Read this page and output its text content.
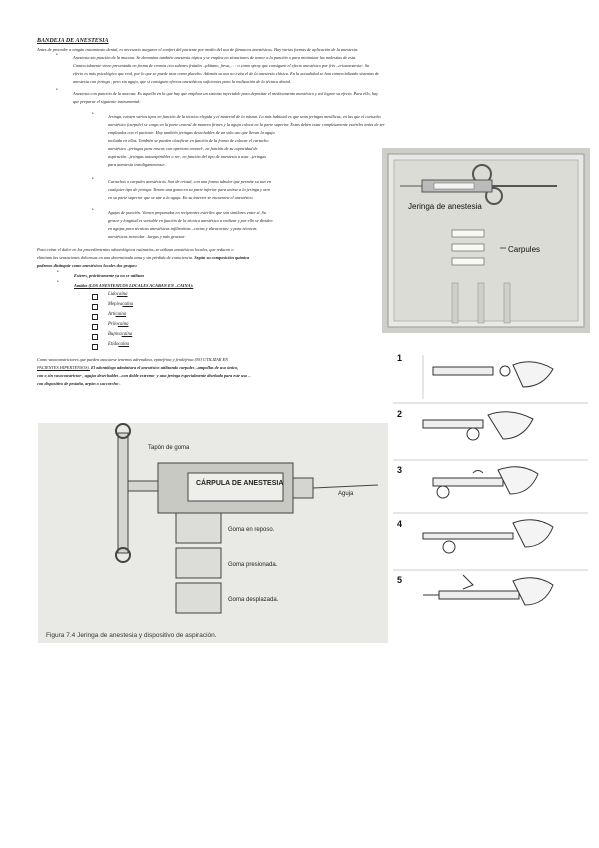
BANDEJA DE ANESTESIA
Antes de proceder a ningún tratamiento dental, es necesario asegurar el confort del paciente por medio del uso de fármacos anestésicos. Hay varias formas de aplicación de la anestesia:
•	Anestesia sin punción de la mucosa. Se denomina también anestesia tópica y se emplea en situaciones de temor a la punción o para minimizar las molestias de esta.
Comercialmente viene presentada en forma de cremas con sabores frutales –plátano, fresa,… - o como spray que consiguen el efecto anestésico por frío –crioanestesia-. Su
efecto es más psicológico que real, por lo que se puede usar como placebo. Además su uso no evita el de la anestesia clásica. En la actualidad se han comercializado sistemas de
anestesia con jeringa , pero sin aguja, que sí consiguen efectos anestésicos suficientes para la realización de la técnica dental.
•
Anestesia con punción de la mucosa. Es aquella en la que hay que emplear un sistema inyectable para depositar el medicamento anestésico y así lograr su efecto. Para ello, hay
que preparar el siguiente instrumental:
•	Jeringa, existen varios tipos en función de la técnica elegida y el material de la misma. Lo más habitual es que sean jeringas metálicas, en las que el cartucho
anestésico (carpule) se carga en la parte central de manera firmes y la aguja colocá en la parte superior. Estas deben estar completamente estériles antes de ser
empleadas con el paciente. Hoy también jeringas desechables de un solo uso que llevan la aguja
incluida en ellas. También se pueden clasificar en función de la forma de colocar el cartucho
anestésico –jeringas para roscar, con apertura central-, en función de su capacidad de
aspiración –jeringas autoaspirables o no-, en función del tipo de anestesia a usar –jeringas
para anestesia intraligamentosa-.
•	Cartuchos o carpules anestésicos. Son de cristal, con una forma tubular que permite su uso en
cualquier tipo de jeringa. Tienen una goma en su parte inferior para unirse a la jeringa y otro
en su parte superior que se une a la aguja. En su interior se encuentra el anestésico.
•	Agujas de punción. Vienen preparadas en recipientes estériles que son similares entre sí. Su
grosor y longitud es variable en función de la técnica anestésica a realizar y por ello se dividen
en agujas para técnicas anestésicas infiltrativas –cortas y ultracortas- y para técnicas
anestésicas troncular –largas y más gruesas-
Para evitar el dolor en los procedimientos odontológicos rutinarios, se utilizan anestésicos locales, que reducen o
eliminan las sensaciones dolorosas en una determinada zona y sin pérdida de consciencia. Según su composición química
podemos distinguir como anestésicos locales dos grupos:
•
Esteres, prácticamente ya no se utilizan
•
Amidas (LOS ANESTESICOS LOCALES ACABAN EN –CAINA):
Lidocaína
Mepivacaína
Articaína
Prilocaína
Bupivacaína
Etidocaína
Como vasoconstrictores que pueden asociarse tenemos adrenalina, epinefrina y fenilefrina (NO UTILIZAR EN
PACIENTES HIPERTENSOS). El odontólogo administra el anestésico utilizando carpules –ampollas de uso único,
con o sin vasoconstrictor-, agujas desechables –con doble extremo- y una jeringa especialmente diseñada para este uso –
con dispositivo de pestaña, arpón o succorcho-.
Jeringa de anestesia
Carpules
1
2
3
4
5
Tapón de goma
CÁRPULA DE ANESTESIA
Aguja
Goma en reposo.
Goma presionada.
Goma desplazada.
Figura 7.4 Jeringa de anestesia y dispositivo de aspiración.
